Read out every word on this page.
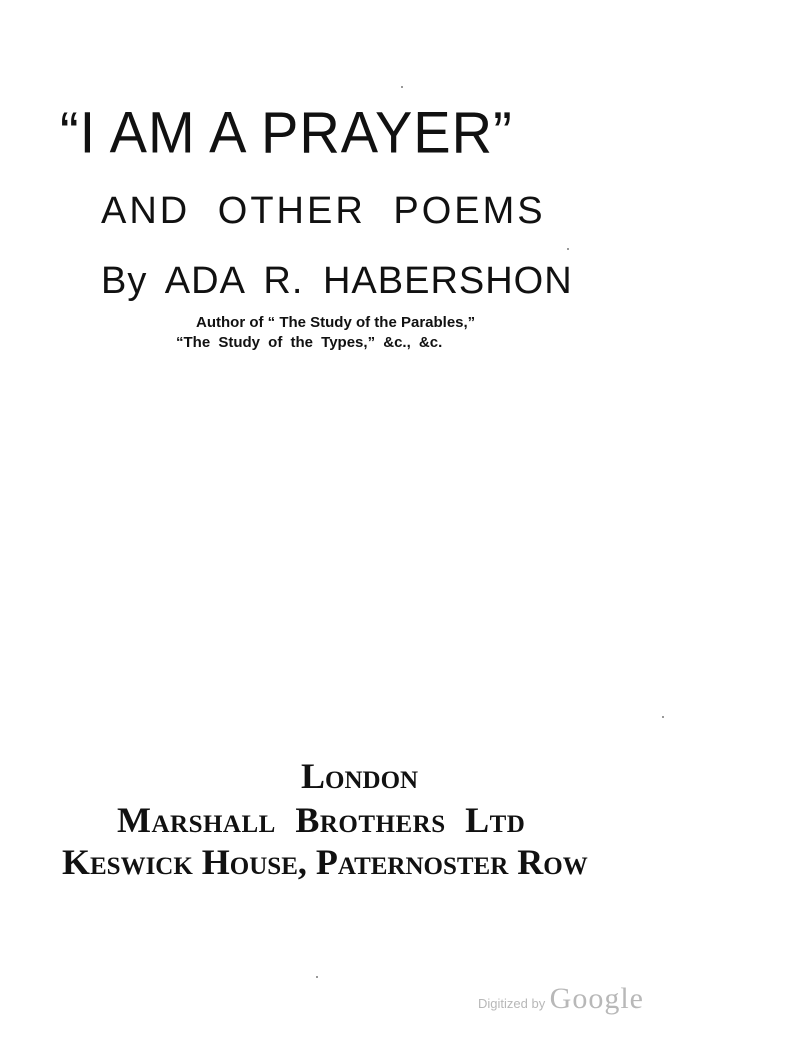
“I AM A PRAYER”
AND OTHER POEMS
By ADA R. HABERSHON
Author of “ The Study of the Parables,”
“The Study of the Types,” &c., &c.
London
Marshall Brothers Ltd
Keswick House, Paternoster Row
Digitized by Google
